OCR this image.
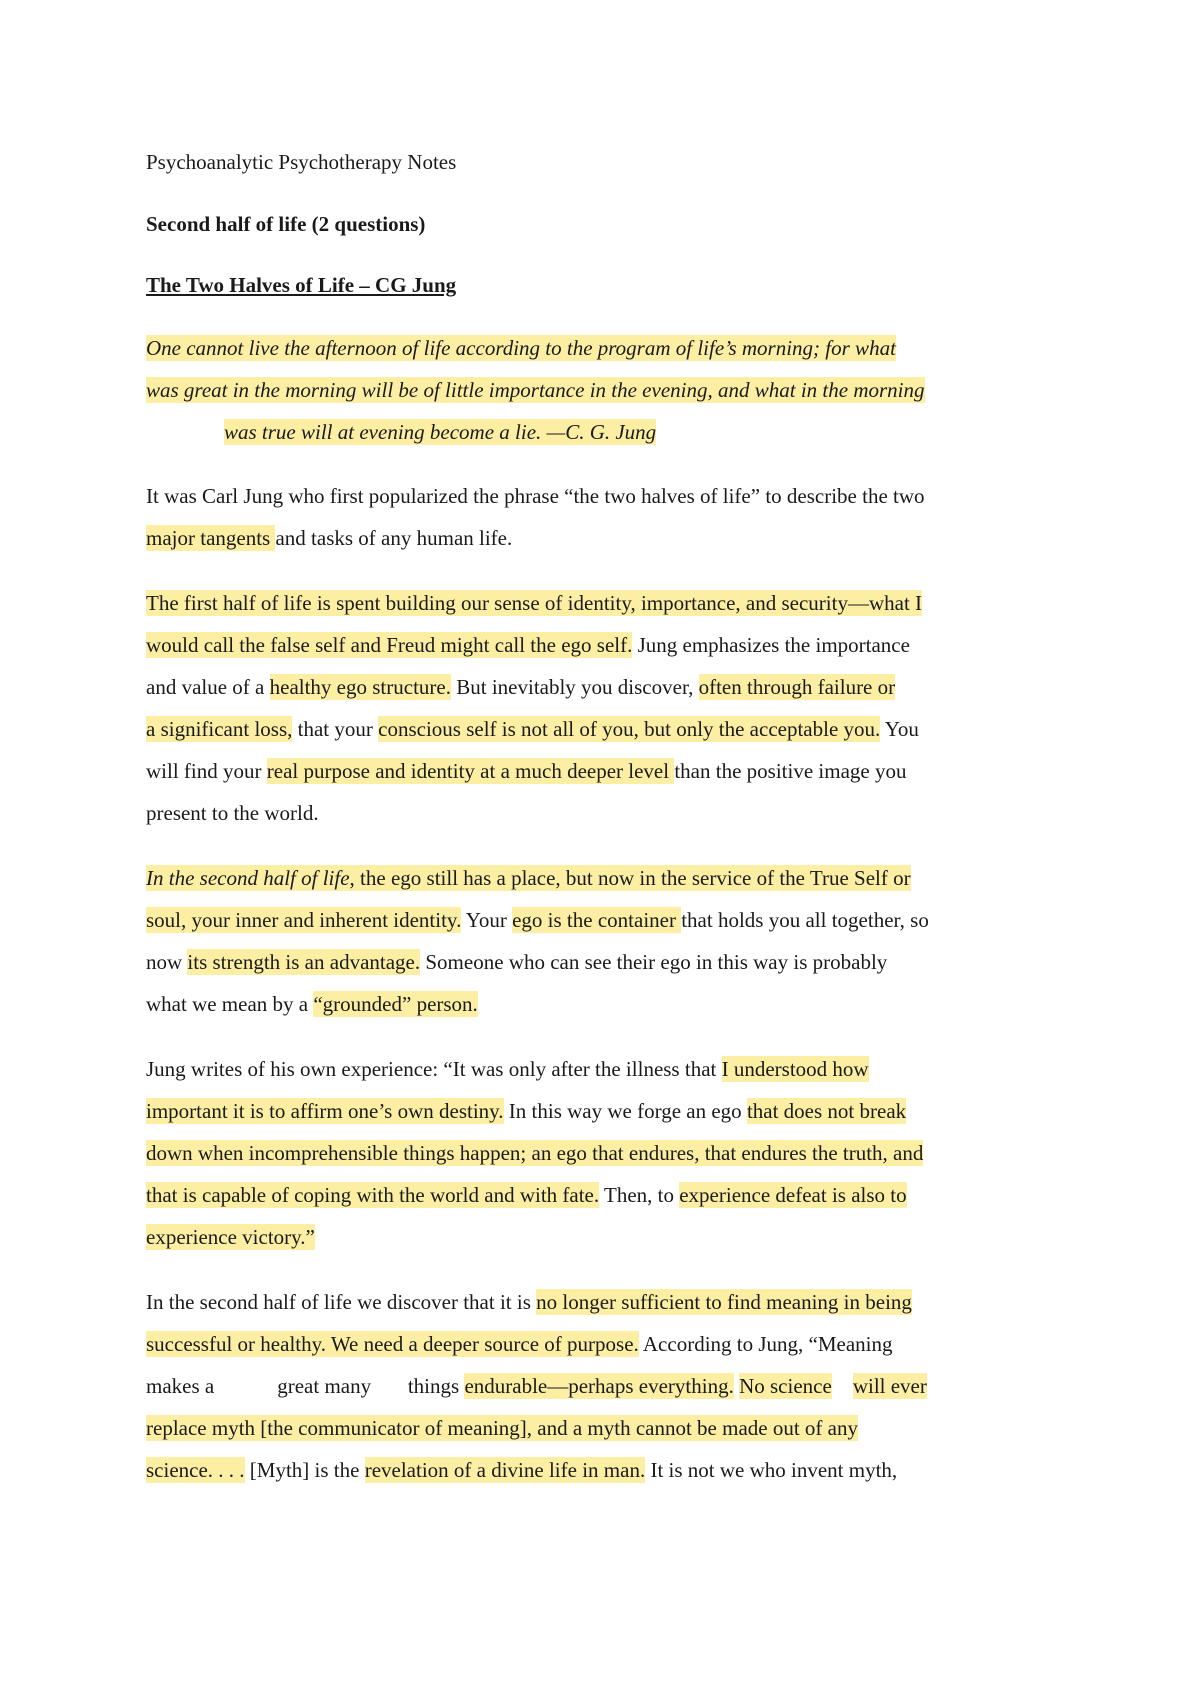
Psychoanalytic Psychotherapy Notes
Second half of life (2 questions)
The Two Halves of Life – CG Jung
One cannot live the afternoon of life according to the program of life’s morning; for what
was great in the morning will be of little importance in the evening, and what in the morning
was true will at evening become a lie. —C. G. Jung
It was Carl Jung who first popularized the phrase “the two halves of life” to describe the two
major tangents and tasks of any human life.
The first half of life is spent building our sense of identity, importance, and security—what I
would call the false self and Freud might call the ego self. Jung emphasizes the importance
and value of a healthy ego structure. But inevitably you discover, often through failure or
a significant loss, that your conscious self is not all of you, but only the acceptable you. You
will find your real purpose and identity at a much deeper level than the positive image you
present to the world.
In the second half of life, the ego still has a place, but now in the service of the True Self or
soul, your inner and inherent identity. Your ego is the container that holds you all together, so
now its strength is an advantage. Someone who can see their ego in this way is probably
what we mean by a “grounded” person.
Jung writes of his own experience: “It was only after the illness that I understood how
important it is to affirm one’s own destiny. In this way we forge an ego that does not break
down when incomprehensible things happen; an ego that endures, that endures the truth, and
that is capable of coping with the world and with fate. Then, to experience defeat is also to
experience victory.”
In the second half of life we discover that it is no longer sufficient to find meaning in being
successful or healthy. We need a deeper source of purpose. According to Jung, “Meaning
makes a            great many       things endurable—perhaps everything. No science will ever
replace myth [the communicator of meaning], and a myth cannot be made out of any
science. . . . [Myth] is the revelation of a divine life in man. It is not we who invent myth,
